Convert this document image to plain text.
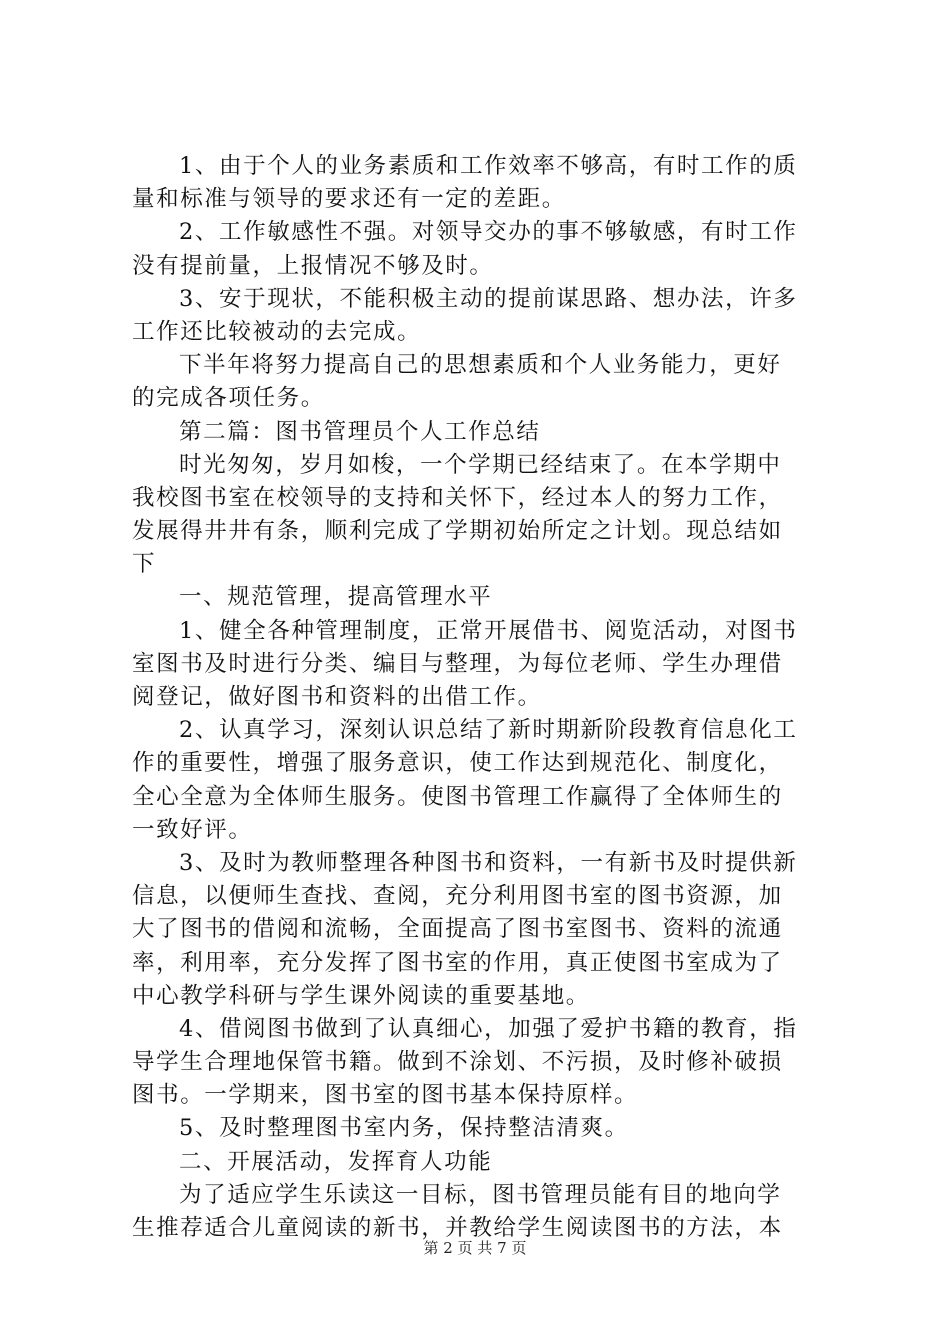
1、由于个人的业务素质和工作效率不够高，有时工作的质
量和标准与领导的要求还有一定的差距。
2、工作敏感性不强。对领导交办的事不够敏感，有时工作
没有提前量，上报情况不够及时。
3、安于现状，不能积极主动的提前谋思路、想办法，许多
工作还比较被动的去完成。
下半年将努力提高自己的思想素质和个人业务能力，更好
的完成各项任务。
第二篇：图书管理员个人工作总结
时光匆匆，岁月如梭，一个学期已经结束了。在本学期中
我校图书室在校领导的支持和关怀下，经过本人的努力工作，
发展得井井有条，顺利完成了学期初始所定之计划。现总结如
下
一、规范管理，提高管理水平
1、健全各种管理制度，正常开展借书、阅览活动，对图书
室图书及时进行分类、编目与整理，为每位老师、学生办理借
阅登记，做好图书和资料的出借工作。
2、认真学习，深刻认识总结了新时期新阶段教育信息化工
作的重要性，增强了服务意识，使工作达到规范化、制度化，
全心全意为全体师生服务。使图书管理工作赢得了全体师生的
一致好评。
3、及时为教师整理各种图书和资料，一有新书及时提供新
信息，以便师生查找、查阅，充分利用图书室的图书资源，加
大了图书的借阅和流畅，全面提高了图书室图书、资料的流通
率，利用率，充分发挥了图书室的作用，真正使图书室成为了
中心教学科研与学生课外阅读的重要基地。
4、借阅图书做到了认真细心，加强了爱护书籍的教育，指
导学生合理地保管书籍。做到不涂划、不污损，及时修补破损
图书。一学期来，图书室的图书基本保持原样。
5、及时整理图书室内务，保持整洁清爽。
二、开展活动，发挥育人功能
为了适应学生乐读这一目标，图书管理员能有目的地向学
生推荐适合儿童阅读的新书，并教给学生阅读图书的方法，本
第 2 页 共 7 页
